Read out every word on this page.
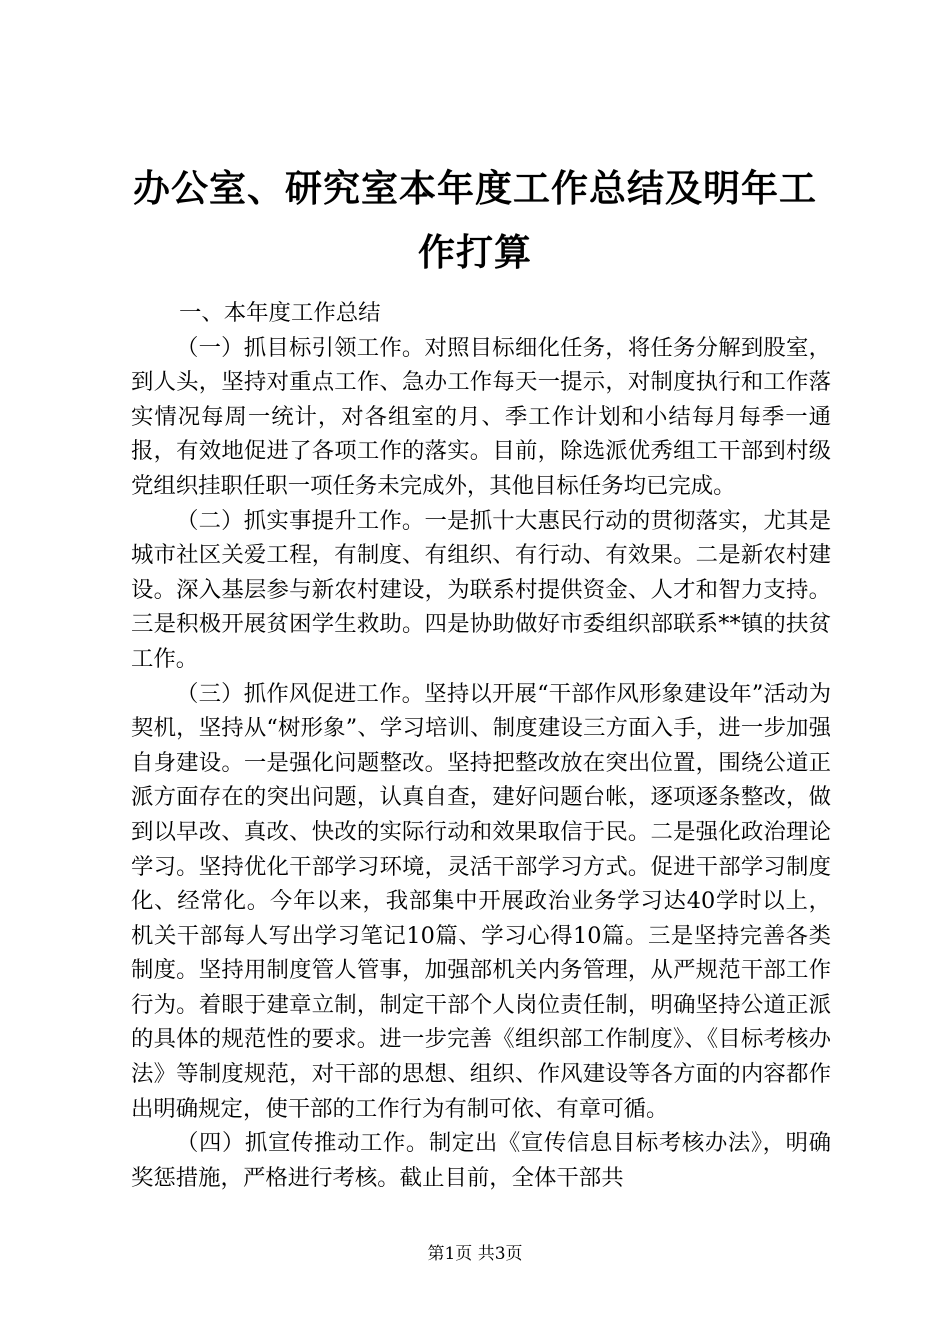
办公室、研究室本年度工作总结及明年工作打算

一、本年度工作总结

（一）抓目标引领工作。对照目标细化任务，将任务分解到股室，到人头，坚持对重点工作、急办工作每天一提示，对制度执行和工作落实情况每周一统计，对各组室的月、季工作计划和小结每月每季一通报，有效地促进了各项工作的落实。目前，除选派优秀组工干部到村级党组织挂职任职一项任务未完成外，其他目标任务均已完成。

（二）抓实事提升工作。一是抓十大惠民行动的贯彻落实，尤其是城市社区关爱工程，有制度、有组织、有行动、有效果。二是新农村建设。深入基层参与新农村建设，为联系村提供资金、人才和智力支持。三是积极开展贫困学生救助。四是协助做好市委组织部联系**镇的扶贫工作。

（三）抓作风促进工作。坚持以开展“干部作风形象建设年”活动为契机，坚持从“树形象”、学习培训、制度建设三方面入手，进一步加强自身建设。一是强化问题整改。坚持把整改放在突出位置，围绕公道正派方面存在的突出问题，认真自查，建好问题台帐，逐项逐条整改，做到以早改、真改、快改的实际行动和效果取信于民。二是强化政治理论学习。坚持优化干部学习环境，灵活干部学习方式。促进干部学习制度化、经常化。今年以来，我部集中开展政治业务学习达40学时以上，机关干部每人写出学习笔记10篇、学习心得10篇。三是坚持完善各类制度。坚持用制度管人管事，加强部机关内务管理，从严规范干部工作行为。着眼于建章立制，制定干部个人岗位责任制，明确坚持公道正派的具体的规范性的要求。进一步完善《组织部工作制度》、《目标考核办法》等制度规范，对干部的思想、组织、作风建设等各方面的内容都作出明确规定，使干部的工作行为有制可依、有章可循。

（四）抓宣传推动工作。制定出《宣传信息目标考核办法》，明确奖惩措施，严格进行考核。截止目前，全体干部共

第1页 共3页
